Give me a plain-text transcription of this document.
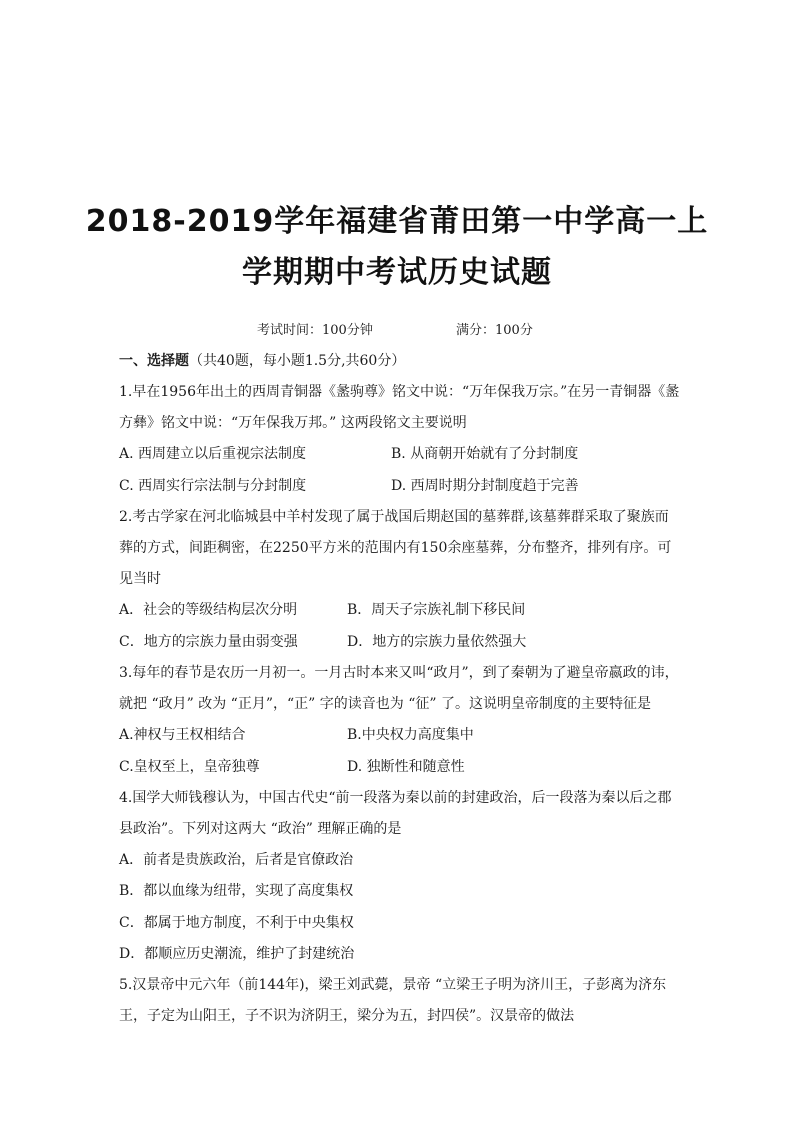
2018-2019学年福建省莆田第一中学高一上
学期期中考试历史试题
考试时间：100分钟	满分：100分
一、选择题（共40题，每小题1.5分,共60分）
1.早在1956年出土的西周青铜器《盠驹尊》铭文中说：“万年保我万宗。”在另一青铜器《盠
方彝》铭文中说：“万年保我万邦。” 这两段铭文主要说明
A. 西周建立以后重视宗法制度	B. 从商朝开始就有了分封制度
C. 西周实行宗法制与分封制度	D. 西周时期分封制度趋于完善
2.考古学家在河北临城县中羊村发现了属于战国后期赵国的墓葬群,该墓葬群采取了聚族而
葬的方式，间距稠密，在2250平方米的范围内有150余座墓葬，分布整齐，排列有序。可
见当时
A．社会的等级结构层次分明	B．周天子宗族礼制下移民间
C．地方的宗族力量由弱变强	D．地方的宗族力量依然强大
3.每年的春节是农历一月初一。一月古时本来又叫“政月”，到了秦朝为了避皇帝嬴政的讳，
就把 “政月” 改为 “正月”，“正” 字的读音也为 “征” 了。这说明皇帝制度的主要特征是
A.神权与王权相结合	B.中央权力高度集中
C.皇权至上，皇帝独尊	D. 独断性和随意性
4.国学大师钱穆认为，中国古代史“前一段落为秦以前的封建政治，后一段落为秦以后之郡
县政治”。下列对这两大 “政治” 理解正确的是
A．前者是贵族政治，后者是官僚政治
B．都以血缘为纽带，实现了高度集权
C．都属于地方制度，不利于中央集权
D．都顺应历史潮流，维护了封建统治
5.汉景帝中元六年（前144年)，梁王刘武薨，景帝 “立梁王子明为济川王，子彭离为济东
王，子定为山阳王，子不识为济阴王，梁分为五，封四侯”。汉景帝的做法
